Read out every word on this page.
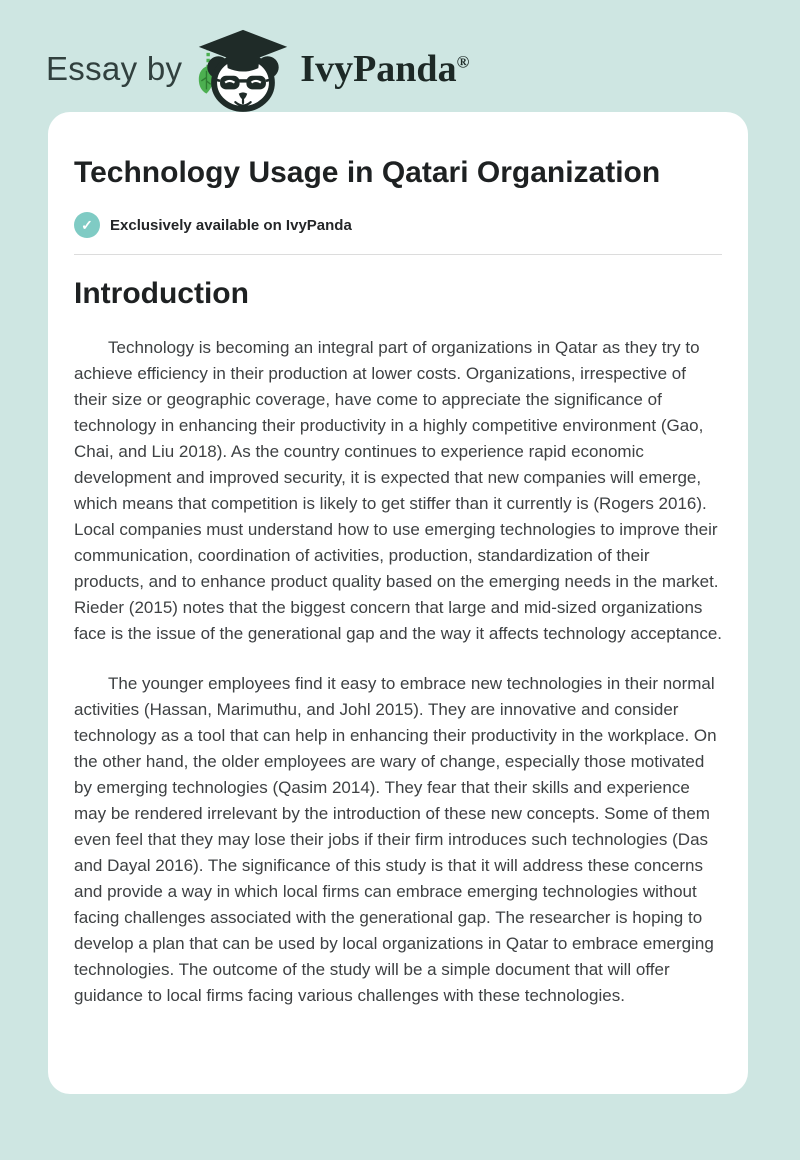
Essay by	IvyPanda®
Technology Usage in Qatari Organization
✓	Exclusively available on IvyPanda
Introduction

Technology is becoming an integral part of organizations in Qatar as they try to achieve efficiency in their production at lower costs. Organizations, irrespective of their size or geographic coverage, have come to appreciate the significance of technology in enhancing their productivity in a highly competitive environment (Gao, Chai, and Liu 2018). As the country continues to experience rapid economic development and improved security, it is expected that new companies will emerge, which means that competition is likely to get stiffer than it currently is (Rogers 2016). Local companies must understand how to use emerging technologies to improve their communication, coordination of activities, production, standardization of their products, and to enhance product quality based on the emerging needs in the market. Rieder (2015) notes that the biggest concern that large and mid-sized organizations face is the issue of the generational gap and the way it affects technology acceptance.

The younger employees find it easy to embrace new technologies in their normal activities (Hassan, Marimuthu, and Johl 2015). They are innovative and consider technology as a tool that can help in enhancing their productivity in the workplace. On the other hand, the older employees are wary of change, especially those motivated by emerging technologies (Qasim 2014). They fear that their skills and experience may be rendered irrelevant by the introduction of these new concepts. Some of them even feel that they may lose their jobs if their firm introduces such technologies (Das and Dayal 2016). The significance of this study is that it will address these concerns and provide a way in which local firms can embrace emerging technologies without facing challenges associated with the generational gap. The researcher is hoping to develop a plan that can be used by local organizations in Qatar to embrace emerging technologies. The outcome of the study will be a simple document that will offer guidance to local firms facing various challenges with these technologies.
